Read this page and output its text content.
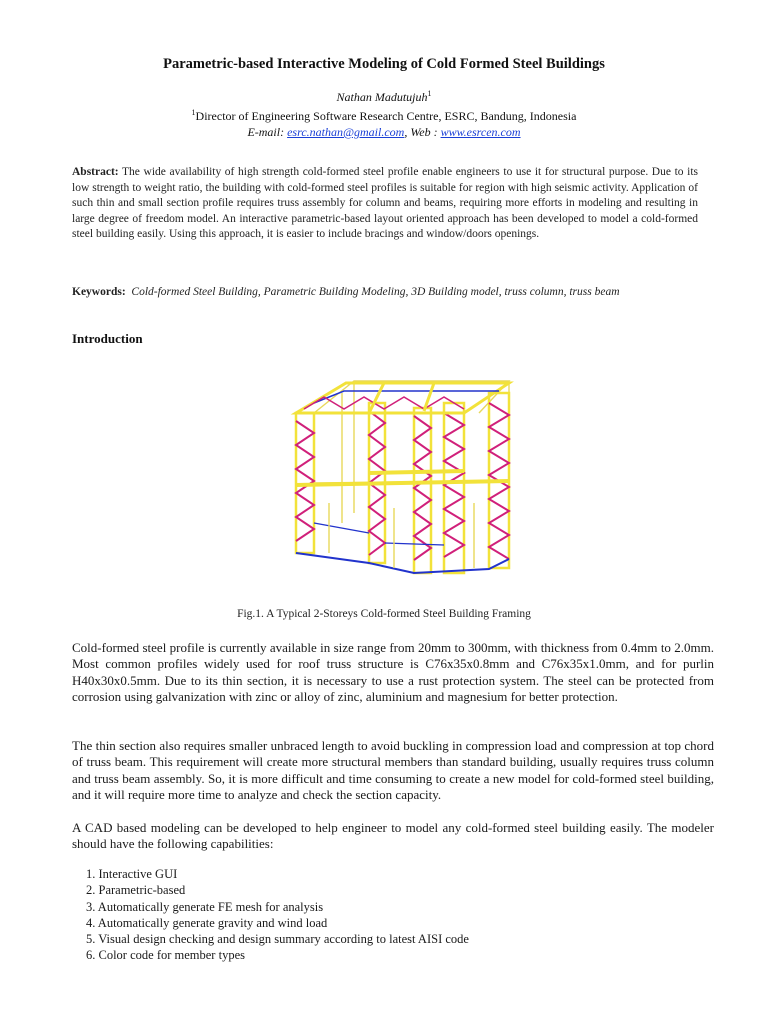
Parametric-based Interactive Modeling of Cold Formed Steel Buildings
Nathan Madutujuh$^1$
$^1$Director of Engineering Software Research Centre, ESRC, Bandung, Indonesia
E-mail: esrc.nathan@gmail.com, Web : www.esrcen.com
Abstract: The wide availability of high strength cold-formed steel profile enable engineers to use it for structural purpose. Due to its low strength to weight ratio, the building with cold-formed steel profiles is suitable for region with high seismic activity. Application of such thin and small section profile requires truss assembly for column and beams, requiring more efforts in modeling and resulting in large degree of freedom model. An interactive parametric-based layout oriented approach has been developed to model a cold-formed steel building easily. Using this approach, it is easier to include bracings and window/doors openings.
Keywords: Cold-formed Steel Building, Parametric Building Modeling, 3D Building model, truss column, truss beam
Introduction
Fig.1. A Typical 2-Storeys Cold-formed Steel Building Framing
Cold-formed steel profile is currently available in size range from 20mm to 300mm, with thickness from 0.4mm to 2.0mm. Most common profiles widely used for roof truss structure is C76x35x0.8mm and C76x35x1.0mm, and for purlin H40x30x0.5mm. Due to its thin section, it is necessary to use a rust protection system. The steel can be protected from corrosion using galvanization with zinc or alloy of zinc, aluminium and magnesium for better protection.
The thin section also requires smaller unbraced length to avoid buckling in compression load and compression at top chord of truss beam. This requirement will create more structural members than standard building, usually requires truss column and truss beam assembly. So, it is more difficult and time consuming to create a new model for cold-formed steel building, and it will require more time to analyze and check the section capacity.
A CAD based modeling can be developed to help engineer to model any cold-formed steel building easily. The modeler should have the following capabilities:
1. Interactive GUI
2. Parametric-based
3. Automatically generate FE mesh for analysis
4. Automatically generate gravity and wind load
5. Visual design checking and design summary according to latest AISI code
6. Color code for member types
